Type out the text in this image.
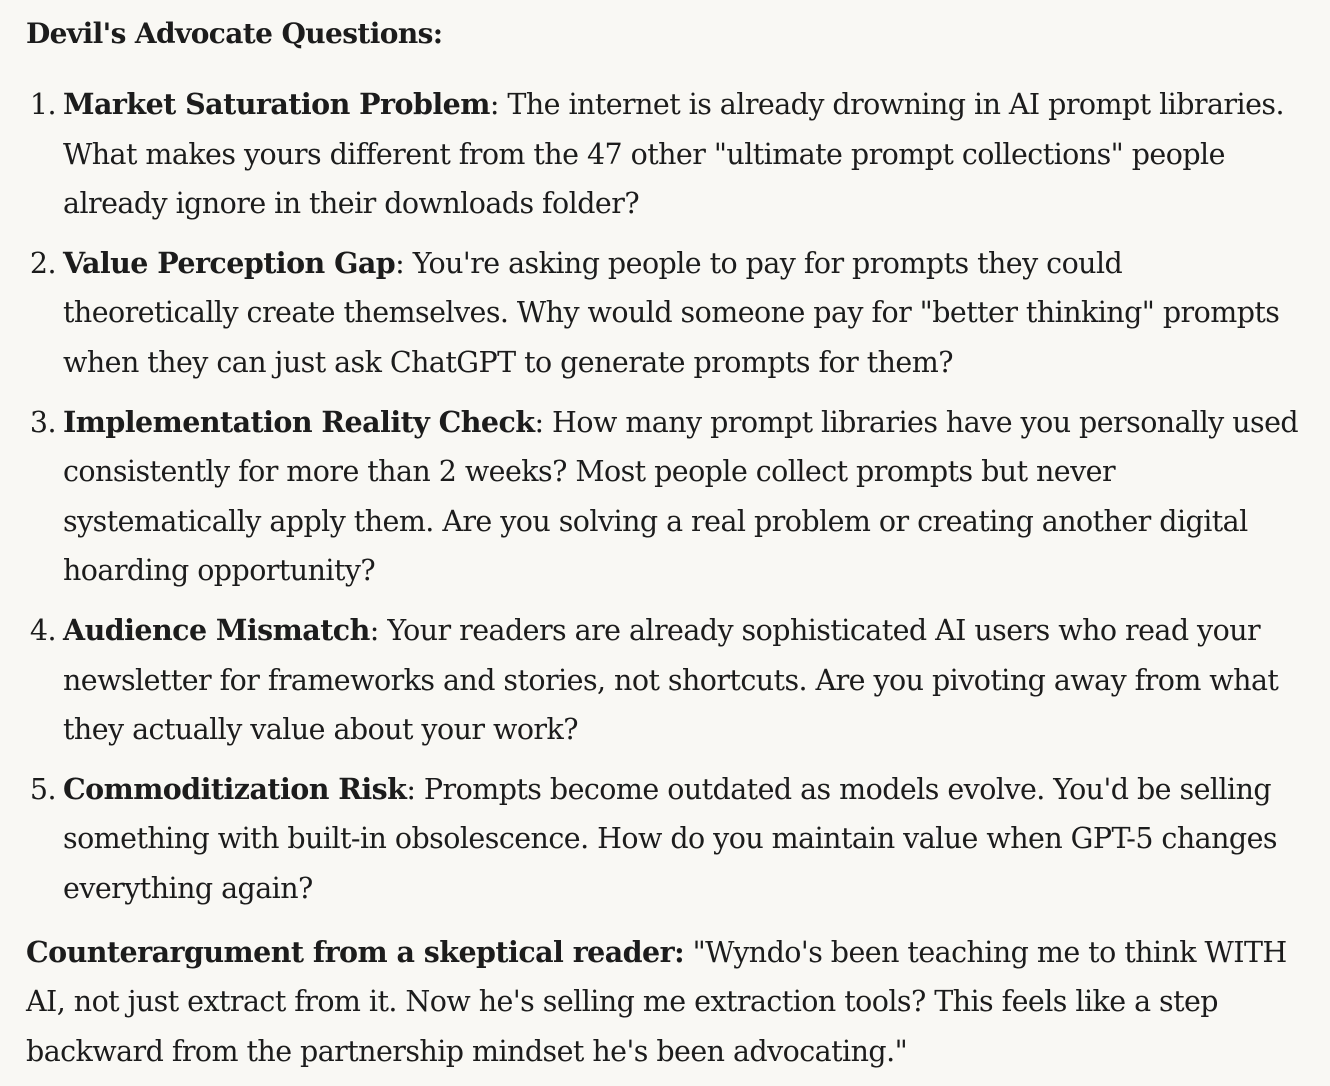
Devil's Advocate Questions:
1. Market Saturation Problem: The internet is already drowning in AI prompt libraries. What makes yours different from the 47 other "ultimate prompt collections" people already ignore in their downloads folder?
2. Value Perception Gap: You're asking people to pay for prompts they could theoretically create themselves. Why would someone pay for "better thinking" prompts when they can just ask ChatGPT to generate prompts for them?
3. Implementation Reality Check: How many prompt libraries have you personally used consistently for more than 2 weeks? Most people collect prompts but never systematically apply them. Are you solving a real problem or creating another digital hoarding opportunity?
4. Audience Mismatch: Your readers are already sophisticated AI users who read your newsletter for frameworks and stories, not shortcuts. Are you pivoting away from what they actually value about your work?
5. Commoditization Risk: Prompts become outdated as models evolve. You'd be selling something with built-in obsolescence. How do you maintain value when GPT-5 changes everything again?

Counterargument from a skeptical reader: "Wyndo's been teaching me to think WITH AI, not just extract from it. Now he's selling me extraction tools? This feels like a step backward from the partnership mindset he's been advocating."
